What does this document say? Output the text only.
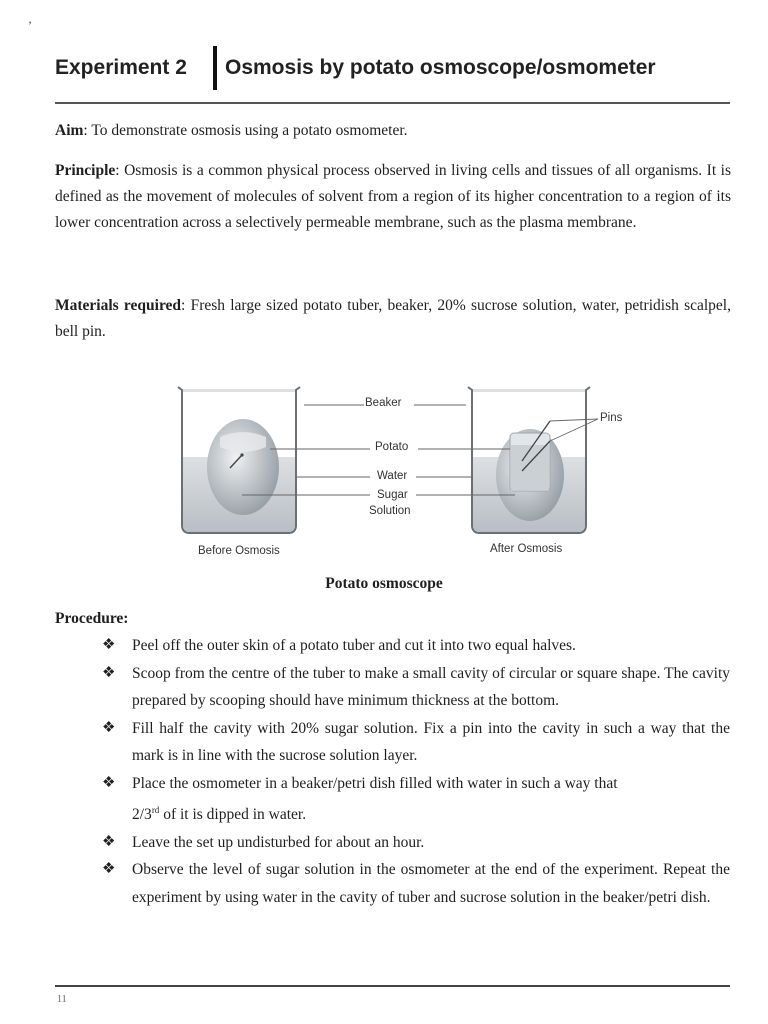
’
Experiment 2 Osmosis by potato osmoscope/osmometer

Aim: To demonstrate osmosis using a potato osmometer.

Principle: Osmosis is a common physical process observed in living cells and tissues of all organisms. It is defined as the movement of molecules of solvent from a region of its higher concentration to a region of its lower concentration across a selectively permeable membrane, such as the plasma membrane.

Materials required: Fresh large sized potato tuber, beaker, 20% sucrose solution, water, petridish scalpel, bell pin.

Beaker
Potato
Water
Sugar
Solution
Pins
Before Osmosis	After Osmosis
Potato osmoscope
Procedure:
❖ Peel off the outer skin of a potato tuber and cut it into two equal halves.
❖ Scoop from the centre of the tuber to make a small cavity of circular or square shape. The cavity prepared by scooping should have minimum thickness at the bottom.
❖ Fill half the cavity with 20% sugar solution. Fix a pin into the cavity in such a way that the mark is in line with the sucrose solution layer.
❖ Place the osmometer in a beaker/petri dish filled with water in such a way that
2/3rd of it is dipped in water.
❖ Leave the set up undisturbed for about an hour.
❖ Observe the level of sugar solution in the osmometer at the end of the experiment. Repeat the experiment by using water in the cavity of tuber and sucrose solution in the beaker/petri dish.
11
